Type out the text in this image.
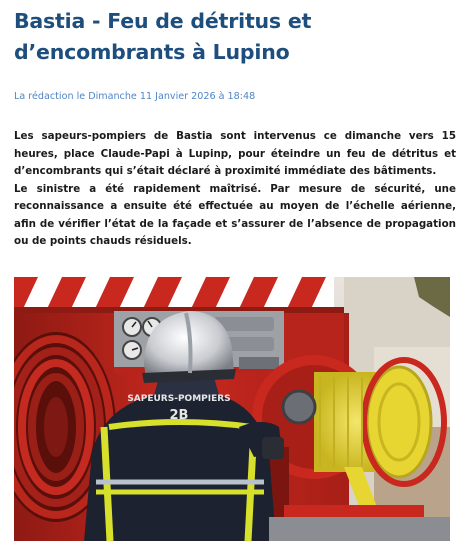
Bastia - Feu de détritus et d’encombrants à Lupino
La rédaction le Dimanche 11 Janvier 2026 à 18:48

Les sapeurs-pompiers de Bastia sont intervenus ce dimanche vers 15 heures, place Claude-Papi à Lupinp, pour éteindre un feu de détritus et d’encombrants qui s’était déclaré à proximité immédiate des bâtiments.

Le sinistre a été rapidement maîtrisé. Par mesure de sécurité, une reconnaissance a ensuite été effectuée au moyen de l’échelle aérienne, afin de vérifier l’état de la façade et s’assurer de l’absence de propagation ou de points chauds résiduels.

SAPEURS-POMPIERS
2B
